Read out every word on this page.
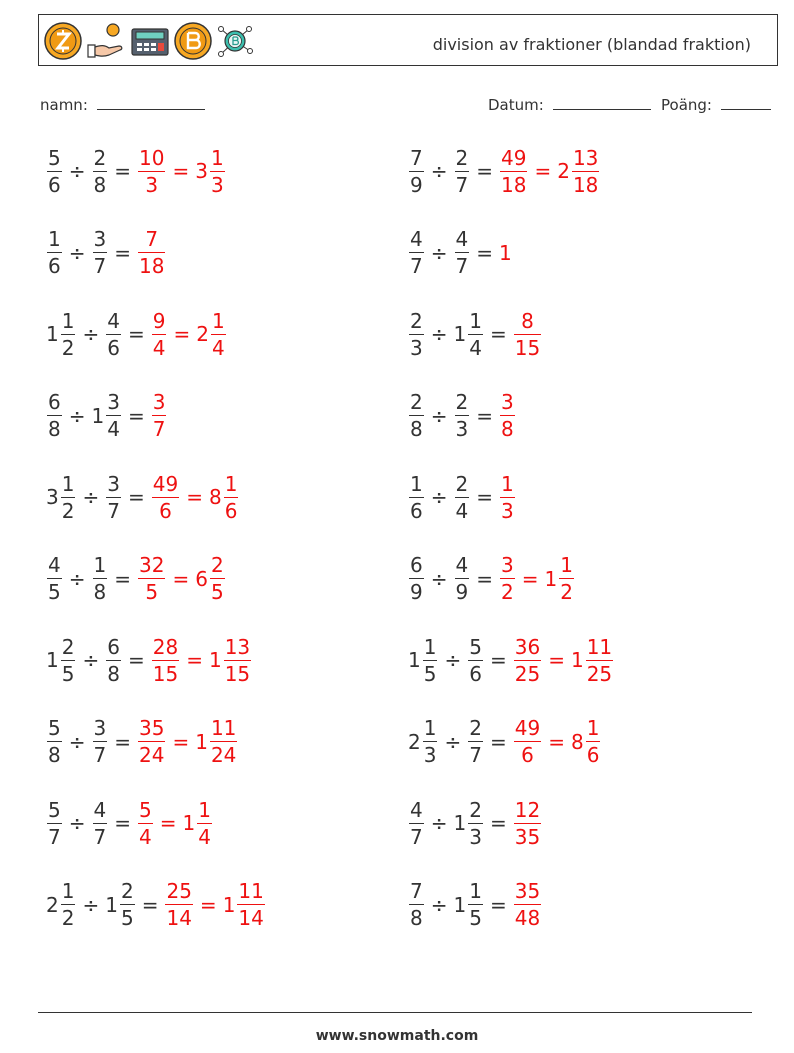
division av fraktioner (blandad fraktion)
namn:	Datum:	Poäng:
$\frac{5}{6} \div \frac{2}{8} = \frac{10}{3} = 3 \frac{1}{3}$
$\frac{1}{6} \div \frac{3}{7} = \frac{7}{18}$
$1 \frac{1}{2} \div \frac{4}{6} = \frac{9}{4} = 2 \frac{1}{4}$
$\frac{6}{8} \div 1 \frac{3}{4} = \frac{3}{7}$
$3 \frac{1}{2} \div \frac{3}{7} = \frac{49}{6} = 8 \frac{1}{6}$
$\frac{4}{5} \div \frac{1}{8} = \frac{32}{5} = 6 \frac{2}{5}$
$1 \frac{2}{5} \div \frac{6}{8} = \frac{28}{15} = 1 \frac{13}{15}$
$\frac{5}{8} \div \frac{3}{7} = \frac{35}{24} = 1 \frac{11}{24}$
$\frac{5}{7} \div \frac{4}{7} = \frac{5}{4} = 1 \frac{1}{4}$
$2 \frac{1}{2} \div 1 \frac{2}{5} = \frac{25}{14} = 1 \frac{11}{14}$
$\frac{7}{9} \div \frac{2}{7} = \frac{49}{18} = 2 \frac{13}{18}$
$\frac{4}{7} \div \frac{4}{7} = 1$
$\frac{2}{3} \div 1 \frac{1}{4} = \frac{8}{15}$
$\frac{2}{8} \div \frac{2}{3} = \frac{3}{8}$
$\frac{1}{6} \div \frac{2}{4} = \frac{1}{3}$
$\frac{6}{9} \div \frac{4}{9} = \frac{3}{2} = 1 \frac{1}{2}$
$1 \frac{1}{5} \div \frac{5}{6} = \frac{36}{25} = 1 \frac{11}{25}$
$2 \frac{1}{3} \div \frac{2}{7} = \frac{49}{6} = 8 \frac{1}{6}$
$\frac{4}{7} \div 1 \frac{2}{3} = \frac{12}{35}$
$\frac{7}{8} \div 1 \frac{1}{5} = \frac{35}{48}$
www.snowmath.com
